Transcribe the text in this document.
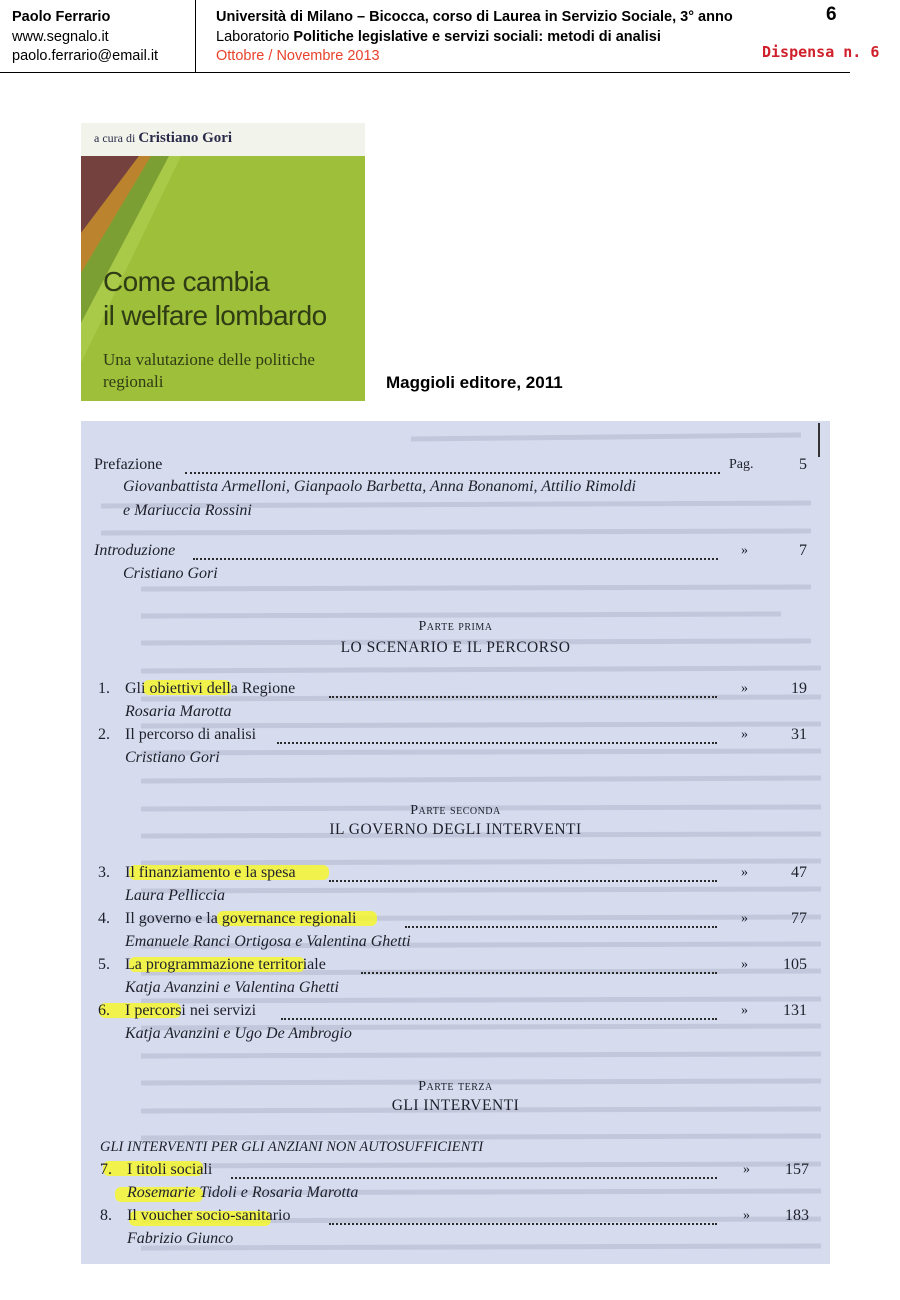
Paolo Ferrario
www.segnalo.it
paolo.ferrario@email.it
Università di Milano – Bicocca, corso di Laurea in Servizio Sociale, 3° anno
Laboratorio Politiche legislative e servizi sociali: metodi di analisi
Ottobre / Novembre 2013
6
Dispensa n. 6
a cura di Cristiano Gori
Come cambia
il welfare lombardo
Una valutazione delle politiche
regionali	Maggioli editore, 2011
Prefazione	Pag.	5
Giovanbattista Armelloni, Gianpaolo Barbetta, Anna Bonanomi, Attilio Rimoldi
e Mariuccia Rossini
Introduzione	»	7
Cristiano Gori
Parte prima
LO SCENARIO E IL PERCORSO
1. Gli obiettivi della Regione	»	19
Rosaria Marotta
2. Il percorso di analisi	»	31
Cristiano Gori
Parte seconda
IL GOVERNO DEGLI INTERVENTI
3. Il finanziamento e la spesa	»	47
Laura Pelliccia
4. Il governo e la governance regionali	»	77
Emanuele Ranci Ortigosa e Valentina Ghetti
5. La programmazione territoriale	»	105
Katja Avanzini e Valentina Ghetti
6. I percorsi nei servizi	»	131
Katja Avanzini e Ugo De Ambrogio
Parte terza
GLI INTERVENTI
GLI INTERVENTI PER GLI ANZIANI NON AUTOSUFFICIENTI
7. I titoli sociali	»	157
Rosemarie Tidoli e Rosaria Marotta
8. Il voucher socio-sanitario	»	183
Fabrizio Giunco
